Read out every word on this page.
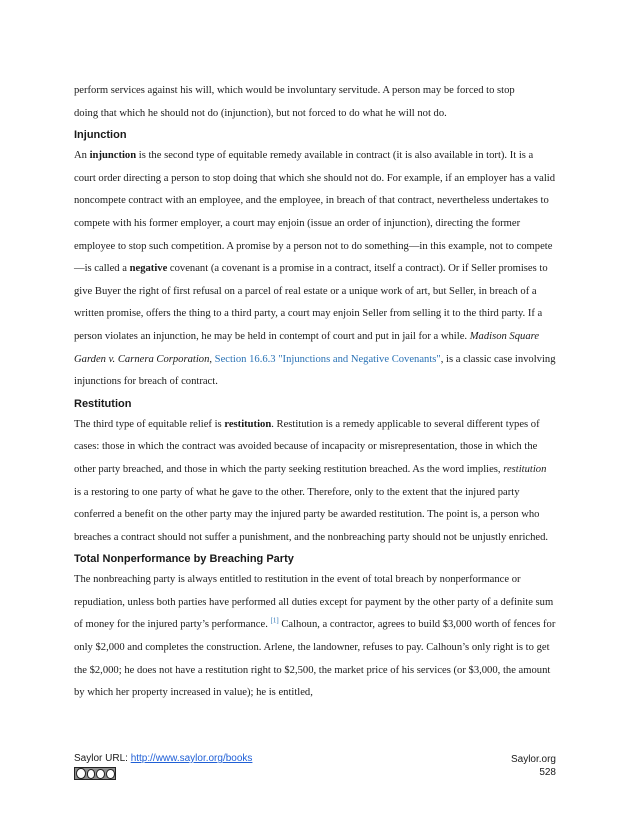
perform services against his will, which would be involuntary servitude. A person may be forced to stop
doing that which he should not do (injunction), but not forced to do what he will not do.

Injunction

An injunction is the second type of equitable remedy available in contract (it is also available in tort). It is a court order directing a person to stop doing that which she should not do. For example, if an employer has a valid noncompete contract with an employee, and the employee, in breach of that contract, nevertheless undertakes to compete with his former employer, a court may enjoin (issue an order of injunction), directing the former employee to stop such competition. A promise by a person not to do something—in this example, not to compete—is called a negative covenant (a covenant is a promise in a contract, itself a contract). Or if Seller promises to give Buyer the right of first refusal on a parcel of real estate or a unique work of art, but Seller, in breach of a written promise, offers the thing to a third party, a court may enjoin Seller from selling it to the third party. If a person violates an injunction, he may be held in contempt of court and put in jail for a while. Madison Square Garden v. Carnera Corporation, Section 16.6.3 "Injunctions and Negative Covenants", is a classic case involving injunctions for breach of contract.

Restitution

The third type of equitable relief is restitution. Restitution is a remedy applicable to several different types of cases: those in which the contract was avoided because of incapacity or misrepresentation, those in which the other party breached, and those in which the party seeking restitution breached. As the word implies, restitution is a restoring to one party of what he gave to the other. Therefore, only to the extent that the injured party conferred a benefit on the other party may the injured party be awarded restitution. The point is, a person who breaches a contract should not suffer a punishment, and the nonbreaching party should not be unjustly enriched.

Total Nonperformance by Breaching Party

The nonbreaching party is always entitled to restitution in the event of total breach by nonperformance or repudiation, unless both parties have performed all duties except for payment by the other party of a definite sum of money for the injured party’s performance. [1] Calhoun, a contractor, agrees to build $3,000 worth of fences for only $2,000 and completes the construction. Arlene, the landowner, refuses to pay. Calhoun’s only right is to get the $2,000; he does not have a restitution right to $2,500, the market price of his services (or $3,000, the amount by which her property increased in value); he is entitled,

Saylor URL: http://www.saylor.org/books	Saylor.org
528
